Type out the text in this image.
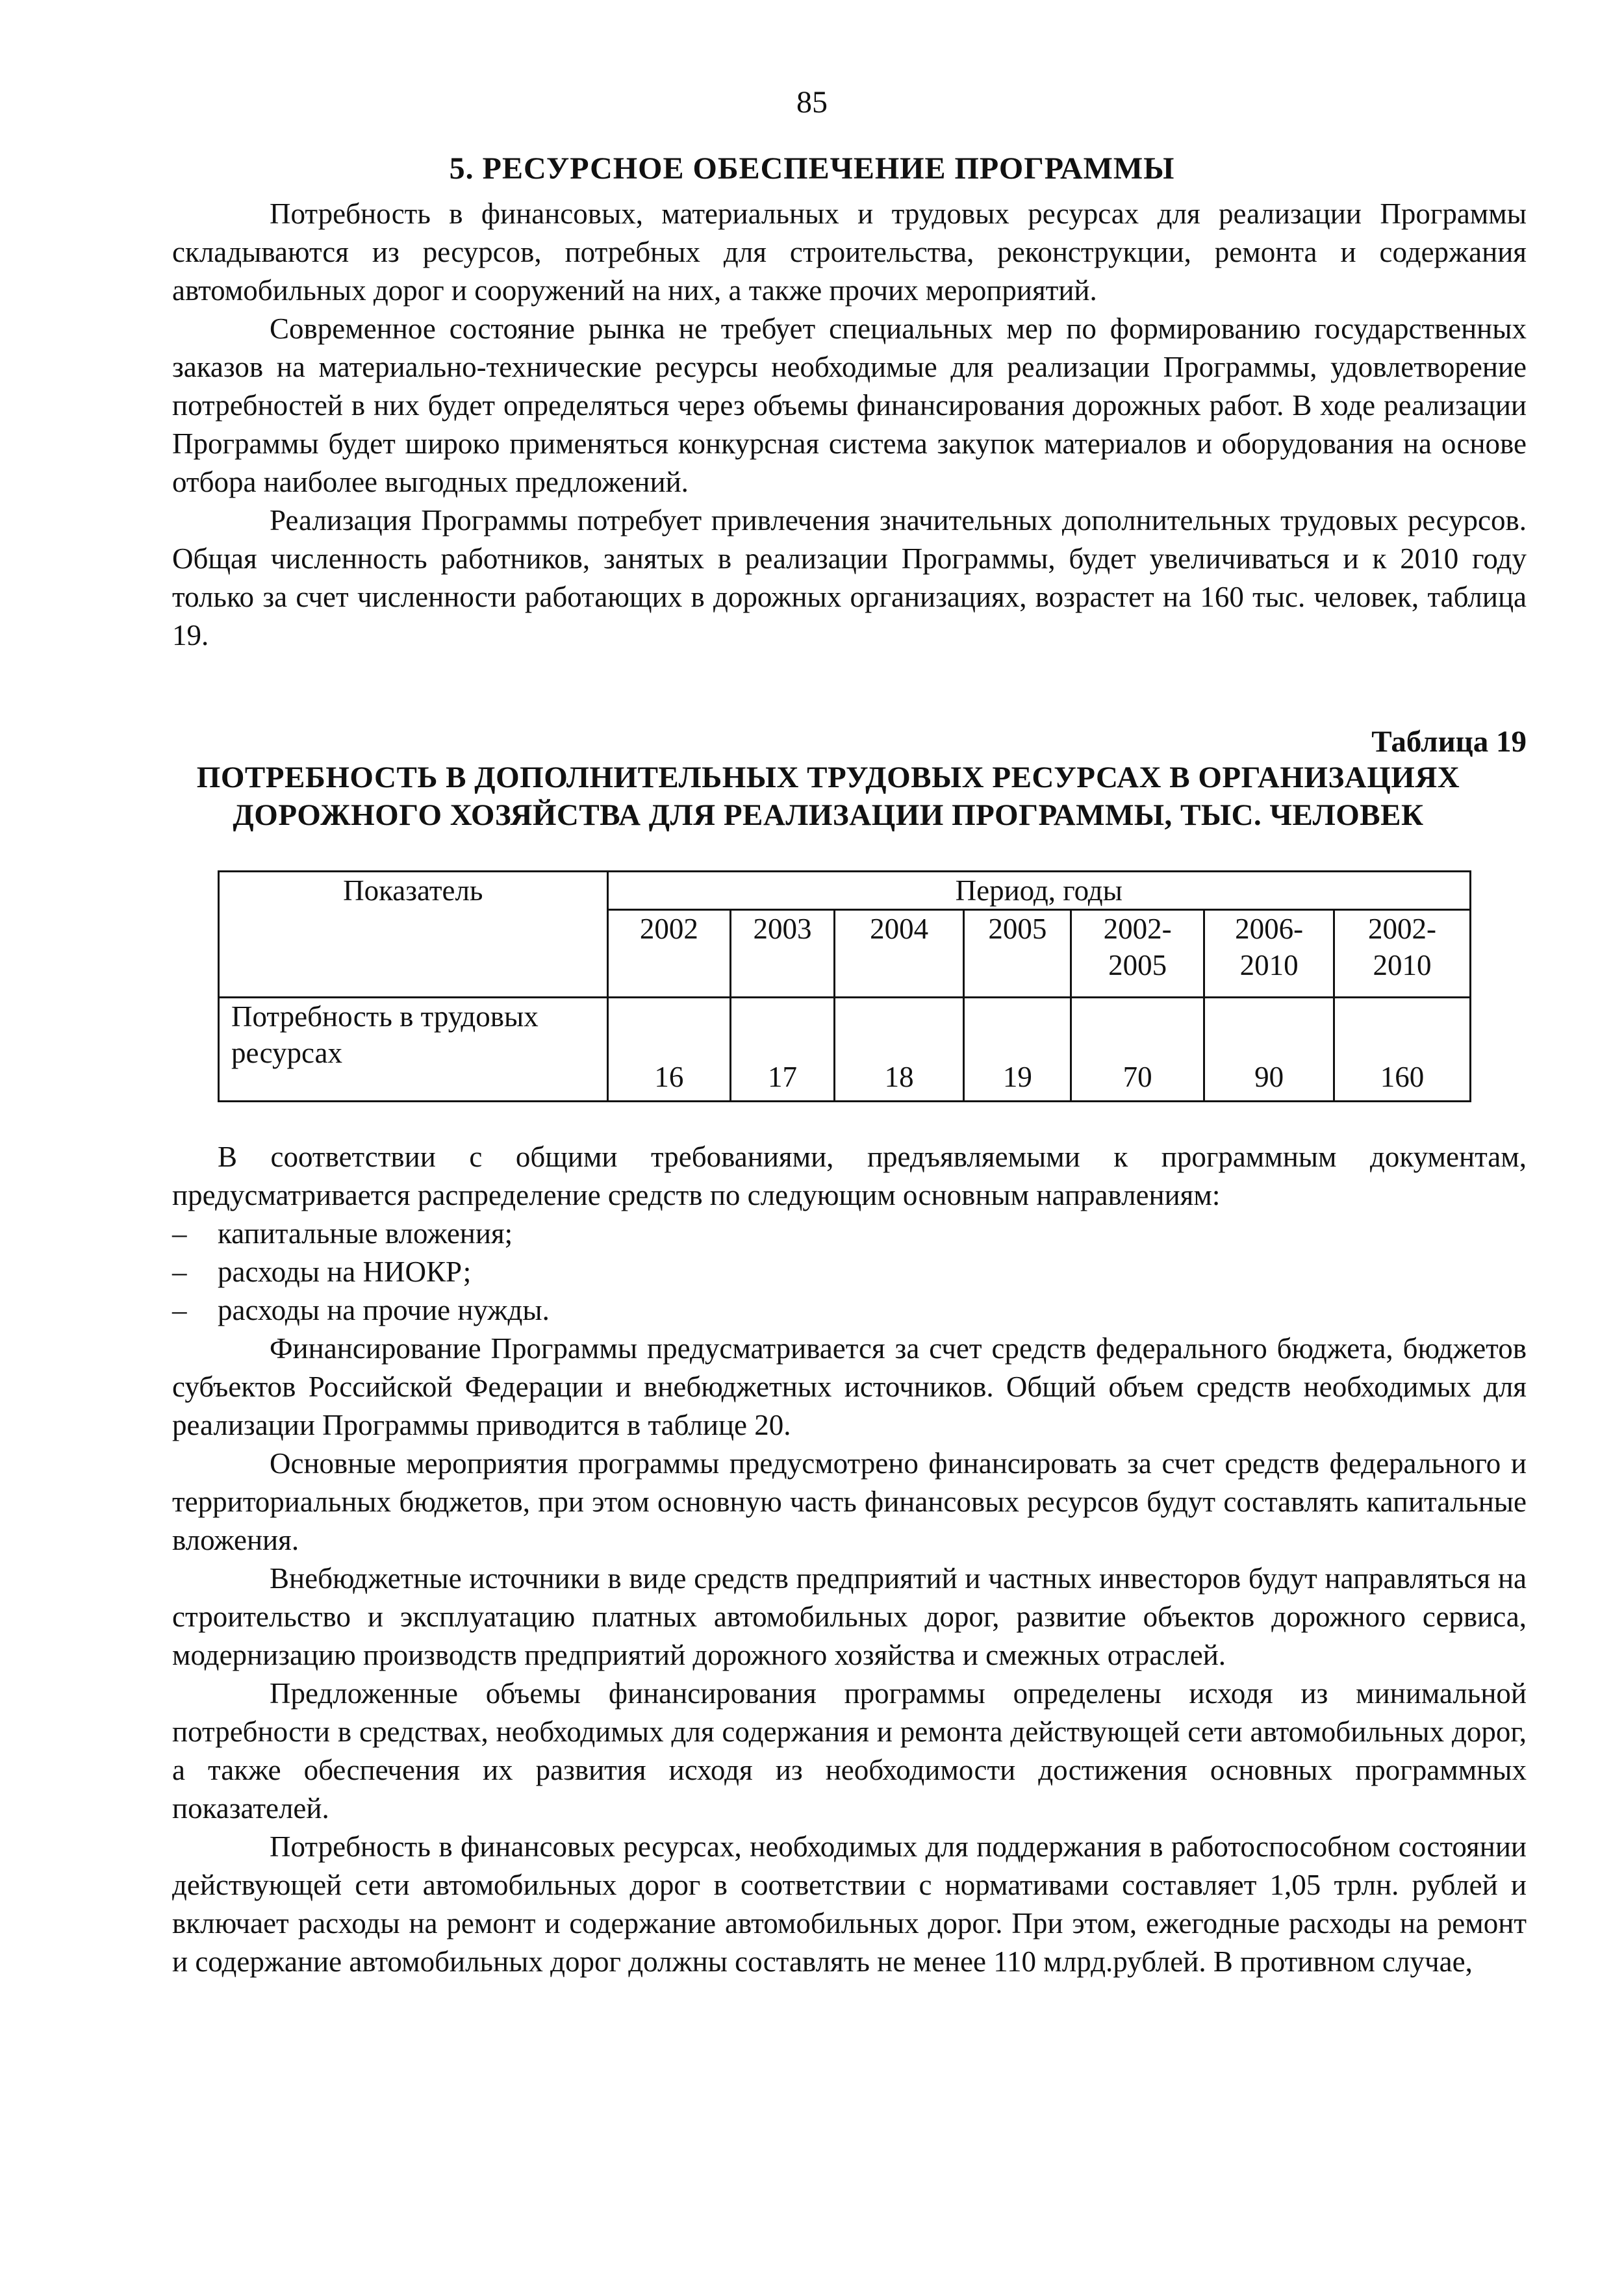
85
5. РЕСУРСНОЕ ОБЕСПЕЧЕНИЕ ПРОГРАММЫ

Потребность в финансовых, материальных и трудовых ресурсах для реализации Программы складываются из ресурсов, потребных для строительства, реконструкции, ремонта и содержания автомобильных дорог и сооружений на них, а также прочих мероприятий.

Современное состояние рынка не требует специальных мер по формированию государственных заказов на материально-технические ресурсы необходимые для реализации Программы, удовлетворение потребностей в них будет определяться через объемы финансирования дорожных работ. В ходе реализации Программы будет широко применяться конкурсная система закупок материалов и оборудования на основе отбора наиболее выгодных предложений.

Реализация Программы потребует привлечения значительных дополнительных трудовых ресурсов. Общая численность работников, занятых в реализации Программы, будет увеличиваться и к 2010 году только за счет численности работающих в дорожных организациях, возрастет на 160 тыс. человек, таблица 19.

Таблица 19
ПОТРЕБНОСТЬ В ДОПОЛНИТЕЛЬНЫХ ТРУДОВЫХ РЕСУРСАХ В ОРГАНИЗАЦИЯХ ДОРОЖНОГО ХОЗЯЙСТВА ДЛЯ РЕАЛИЗАЦИИ ПРОГРАММЫ, ТЫС. ЧЕЛОВЕК
Показатель	Период, годы						
	2002	2003	2004	2005	2002-2005	2006-2010	2002-2010
Потребность в трудовых ресурсах	16	17	18	19	70	90	160

В соответствии с общими требованиями, предъявляемыми к программным документам, предусматривается распределение средств по следующим основным направлениям:

– капитальные вложения;
– расходы на НИОКР;
– расходы на прочие нужды.

Финансирование Программы предусматривается за счет средств федерального бюджета, бюджетов субъектов Российской Федерации и внебюджетных источников. Общий объем средств необходимых для реализации Программы приводится в таблице 20.

Основные мероприятия программы предусмотрено финансировать за счет средств федерального и территориальных бюджетов, при этом основную часть финансовых ресурсов будут составлять капитальные вложения.

Внебюджетные источники в виде средств предприятий и частных инвесторов будут направляться на строительство и эксплуатацию платных автомобильных дорог, развитие объектов дорожного сервиса, модернизацию производств предприятий дорожного хозяйства и смежных отраслей.

Предложенные объемы финансирования программы определены исходя из минимальной потребности в средствах, необходимых для содержания и ремонта действующей сети автомобильных дорог, а также обеспечения их развития исходя из необходимости достижения основных программных показателей.

Потребность в финансовых ресурсах, необходимых для поддержания в работоспособном состоянии действующей сети автомобильных дорог в соответствии с нормативами составляет 1,05 трлн. рублей и включает расходы на ремонт и содержание автомобильных дорог. При этом, ежегодные расходы на ремонт и содержание автомобильных дорог должны составлять не менее 110 млрд.рублей. В противном случае,
